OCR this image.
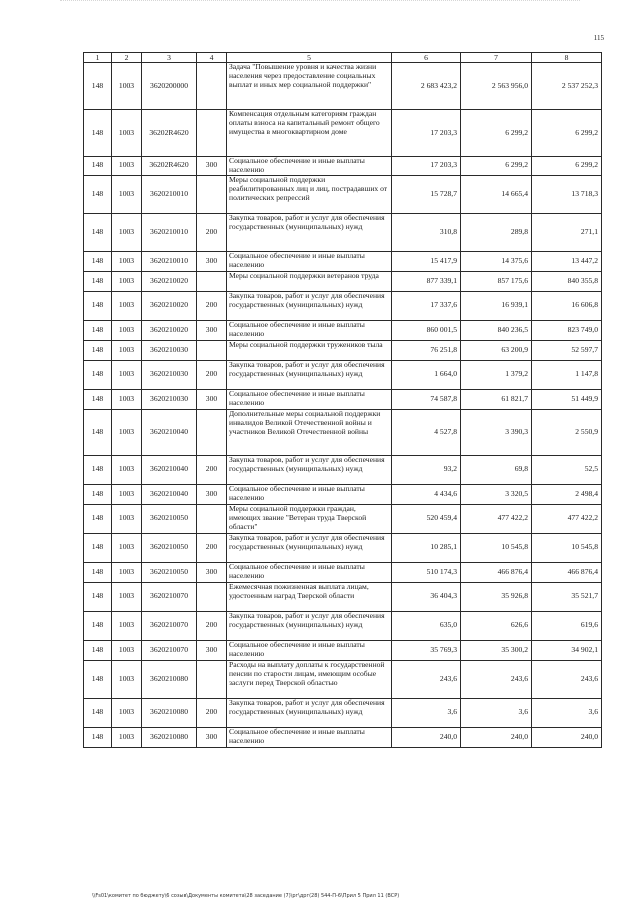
115
1	2	3	4	5	6	7	8
148	1003	3620200000		Задача "Повышение уровня и качества жизни населения через предоставление социальных выплат и иных мер социальной поддержки"	2 683 423,2	2 563 956,0	2 537 252,3
148	1003	36202R4620		Компенсация отдельным категориям граждан оплаты взноса на капитальный ремонт общего имущества в многоквартирном доме	17 203,3	6 299,2	6 299,2
148	1003	36202R4620	300	Социальное обеспечение и иные выплаты населению	17 203,3	6 299,2	6 299,2
148	1003	3620210010		Меры социальной поддержки реабилитированных лиц и лиц, пострадавших от политических репрессий	15 728,7	14 665,4	13 718,3
148	1003	3620210010	200	Закупка товаров, работ и услуг для обеспечения государственных (муниципальных) нужд	310,8	289,8	271,1
148	1003	3620210010	300	Социальное обеспечение и иные выплаты населению	15 417,9	14 375,6	13 447,2
148	1003	3620210020		Меры социальной поддержки ветеранов труда	877 339,1	857 175,6	840 355,8
148	1003	3620210020	200	Закупка товаров, работ и услуг для обеспечения государственных (муниципальных) нужд	17 337,6	16 939,1	16 606,8
148	1003	3620210020	300	Социальное обеспечение и иные выплаты населению	860 001,5	840 236,5	823 749,0
148	1003	3620210030		Меры социальной поддержки тружеников тыла	76 251,8	63 200,9	52 597,7
148	1003	3620210030	200	Закупка товаров, работ и услуг для обеспечения государственных (муниципальных) нужд	1 664,0	1 379,2	1 147,8
148	1003	3620210030	300	Социальное обеспечение и иные выплаты населению	74 587,8	61 821,7	51 449,9
148	1003	3620210040		Дополнительные меры социальной поддержки инвалидов Великой Отечественной войны и участников Великой Отечественной войны	4 527,8	3 390,3	2 550,9
148	1003	3620210040	200	Закупка товаров, работ и услуг для обеспечения государственных (муниципальных) нужд	93,2	69,8	52,5
148	1003	3620210040	300	Социальное обеспечение и иные выплаты населению	4 434,6	3 320,5	2 498,4
148	1003	3620210050		Меры социальной поддержки граждан, имеющих звание "Ветеран труда Тверской области"	520 459,4	477 422,2	477 422,2
148	1003	3620210050	200	Закупка товаров, работ и услуг для обеспечения государственных (муниципальных) нужд	10 285,1	10 545,8	10 545,8
148	1003	3620210050	300	Социальное обеспечение и иные выплаты населению	510 174,3	466 876,4	466 876,4
148	1003	3620210070		Ежемесячная пожизненная выплата лицам, удостоенным наград Тверской области	36 404,3	35 926,8	35 521,7
148	1003	3620210070	200	Закупка товаров, работ и услуг для обеспечения государственных (муниципальных) нужд	635,0	626,6	619,6
148	1003	3620210070	300	Социальное обеспечение и иные выплаты населению	35 769,3	35 300,2	34 902,1
148	1003	3620210080		Расходы на выплату доплаты к государственной пенсии по старости лицам, имеющим особые заслуги перед Тверской областью	243,6	243,6	243,6
148	1003	3620210080	200	Закупка товаров, работ и услуг для обеспечения государственных (муниципальных) нужд	3,6	3,6	3,6
148	1003	3620210080	300	Социальное обеспечение и иные выплаты населению	240,0	240,0	240,0
\\Fs01\комитет по бюджету\6 созыв\Документы комитета\28 заседание (7)\рг\дрг(28) 544-П-6\Прил 5 Прил 11 (ВСР)
